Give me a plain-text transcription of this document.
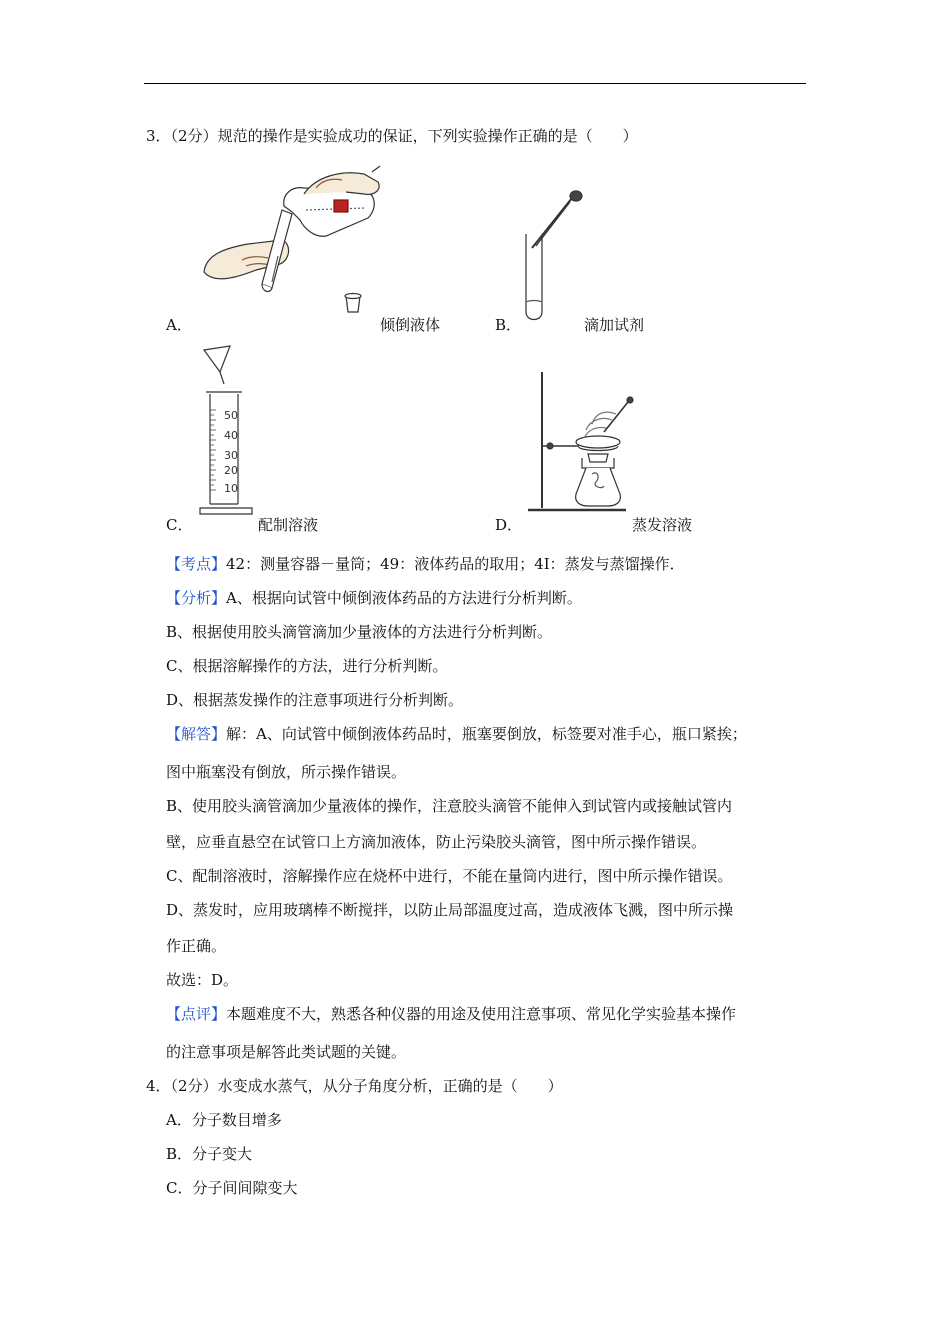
3．（2分）规范的操作是实验成功的保证，下列实验操作正确的是（　　）
A．	倾倒液体	B．	滴加试剂
50
40
30
20
10
C．	配制溶液	D．	蒸发溶液
【考点】42：测量容器－量筒；49：液体药品的取用；4I：蒸发与蒸馏操作．
【分析】A、根据向试管中倾倒液体药品的方法进行分析判断。
B、根据使用胶头滴管滴加少量液体的方法进行分析判断。
C、根据溶解操作的方法，进行分析判断。
D、根据蒸发操作的注意事项进行分析判断。
【解答】解：A、向试管中倾倒液体药品时，瓶塞要倒放，标签要对准手心，瓶口紧挨；
图中瓶塞没有倒放，所示操作错误。
B、使用胶头滴管滴加少量液体的操作，注意胶头滴管不能伸入到试管内或接触试管内
壁，应垂直悬空在试管口上方滴加液体，防止污染胶头滴管，图中所示操作错误。
C、配制溶液时，溶解操作应在烧杯中进行，不能在量筒内进行，图中所示操作错误。
D、蒸发时，应用玻璃棒不断搅拌，以防止局部温度过高，造成液体飞溅，图中所示操
作正确。
故选：D。
【点评】本题难度不大，熟悉各种仪器的用途及使用注意事项、常见化学实验基本操作
的注意事项是解答此类试题的关键。
4．（2分）水变成水蒸气，从分子角度分析，正确的是（　　）
A．分子数目增多
B．分子变大
C．分子间间隙变大
